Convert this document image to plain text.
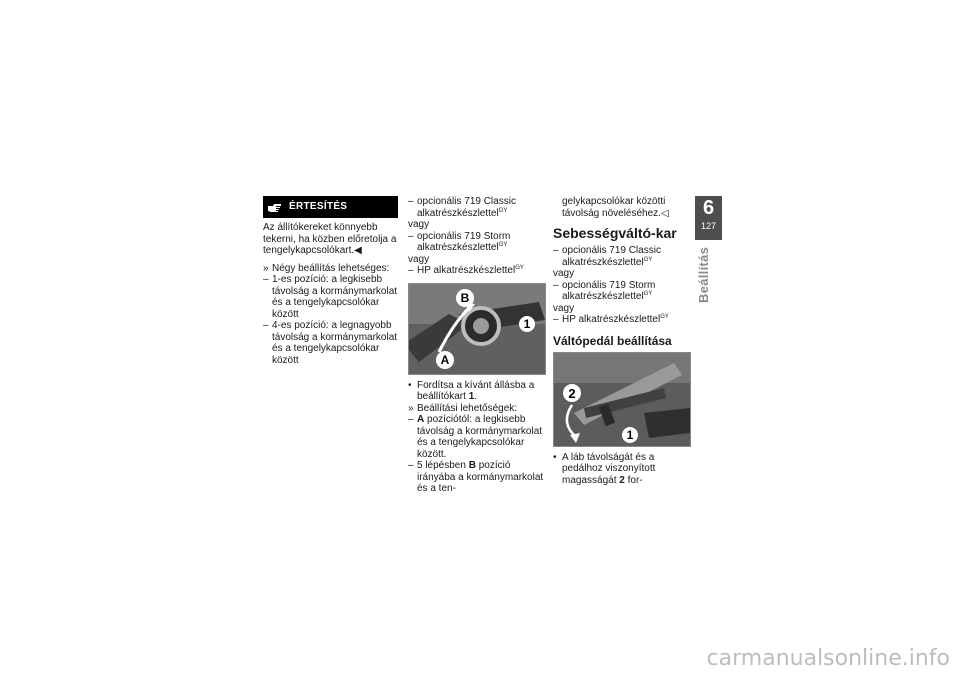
ÉRTESÍTÉS

Az állítókereket könnyebb tekerni, ha közben előretolja a tengelykapcsolókart.◀

» Négy beállítás lehetséges:

– 1-es pozíció: a legkisebb távolság a kormánymarkolat és a tengelykapcsolókar között

– 4-es pozíció: a legnagyobb távolság a kormánymarkolat és a tengelykapcsolókar között

– opcionális 719 Classic alkatrészkészlettel$^{GY}$

vagy

– opcionális 719 Storm alkatrészkészlettel$^{GY}$

vagy

– HP alkatrészkészlettel$^{GY}$

B
1
A

• Fordítsa a kívánt állásba a beállítókart 1.

» Beállítási lehetőségek:

– A pozíciótól: a legkisebb távolság a kormánymarkolat és a tengelykapcsolókar között.

– 5 lépésben B pozíció irányába a kormánymarkolat és a ten-

gelykapcsolókar közötti távolság növeléséhez.◁

Sebességváltó-kar

– opcionális 719 Classic alkatrészkészlettel$^{GY}$

vagy

– opcionális 719 Storm alkatrészkészlettel$^{GY}$

vagy

– HP alkatrészkészlettel$^{GY}$

Váltópedál beállítása
2
1

• A láb távolságát és a pedálhoz viszonyított magasságát 2 for-

6
127
Beállítás
carmanualsonline.info
